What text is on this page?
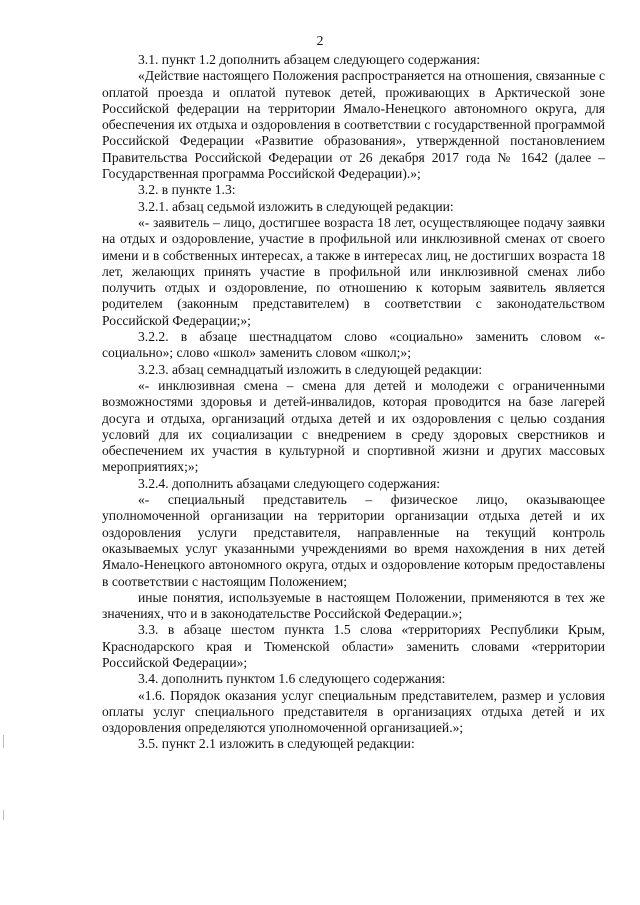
2

3.1. пункт 1.2 дополнить абзацем следующего содержания:

«Действие настоящего Положения распространяется на отношения, связанные с оплатой проезда и оплатой путевок детей, проживающих в Арктической зоне Российской федерации на территории Ямало-Ненецкого автономного округа, для обеспечения их отдыха и оздоровления в соответствии с государственной программой Российской Федерации «Развитие образования», утвержденной постановлением Правительства Российской Федерации от 26 декабря 2017 года № 1642 (далее – Государственная программа Российской Федерации).»;

3.2. в пункте 1.3:

3.2.1. абзац седьмой изложить в следующей редакции:

«- заявитель – лицо, достигшее возраста 18 лет, осуществляющее подачу заявки на отдых и оздоровление, участие в профильной или инклюзивной сменах от своего имени и в собственных интересах, а также в интересах лиц, не достигших возраста 18 лет, желающих принять участие в профильной или инклюзивной сменах либо получить отдых и оздоровление, по отношению к которым заявитель является родителем (законным представителем) в соответствии с законодательством Российской Федерации;»;

3.2.2. в абзаце шестнадцатом слово «социально» заменить словом «- социально»; слово «школ» заменить словом «школ;»;

3.2.3. абзац семнадцатый изложить в следующей редакции:

«- инклюзивная смена – смена для детей и молодежи с ограниченными возможностями здоровья и детей-инвалидов, которая проводится на базе лагерей досуга и отдыха, организаций отдыха детей и их оздоровления с целью создания условий для их социализации с внедрением в среду здоровых сверстников и обеспечением их участия в культурной и спортивной жизни и других массовых мероприятиях;»;

3.2.4. дополнить абзацами следующего содержания:

«- специальный представитель – физическое лицо, оказывающее уполномоченной организации на территории организации отдыха детей и их оздоровления услуги представителя, направленные на текущий контроль оказываемых услуг указанными учреждениями во время нахождения в них детей Ямало-Ненецкого автономного округа, отдых и оздоровление которым предоставлены в соответствии с настоящим Положением;

иные понятия, используемые в настоящем Положении, применяются в тех же значениях, что и в законодательстве Российской Федерации.»;

3.3. в абзаце шестом пункта 1.5 слова «территориях Республики Крым, Краснодарского края и Тюменской области» заменить словами «территории Российской Федерации»;

3.4. дополнить пунктом 1.6 следующего содержания:

«1.6. Порядок оказания услуг специальным представителем, размер и условия оплаты услуг специального представителя в организациях отдыха детей и их оздоровления определяются уполномоченной организацией.»;

3.5. пункт 2.1 изложить в следующей редакции:
